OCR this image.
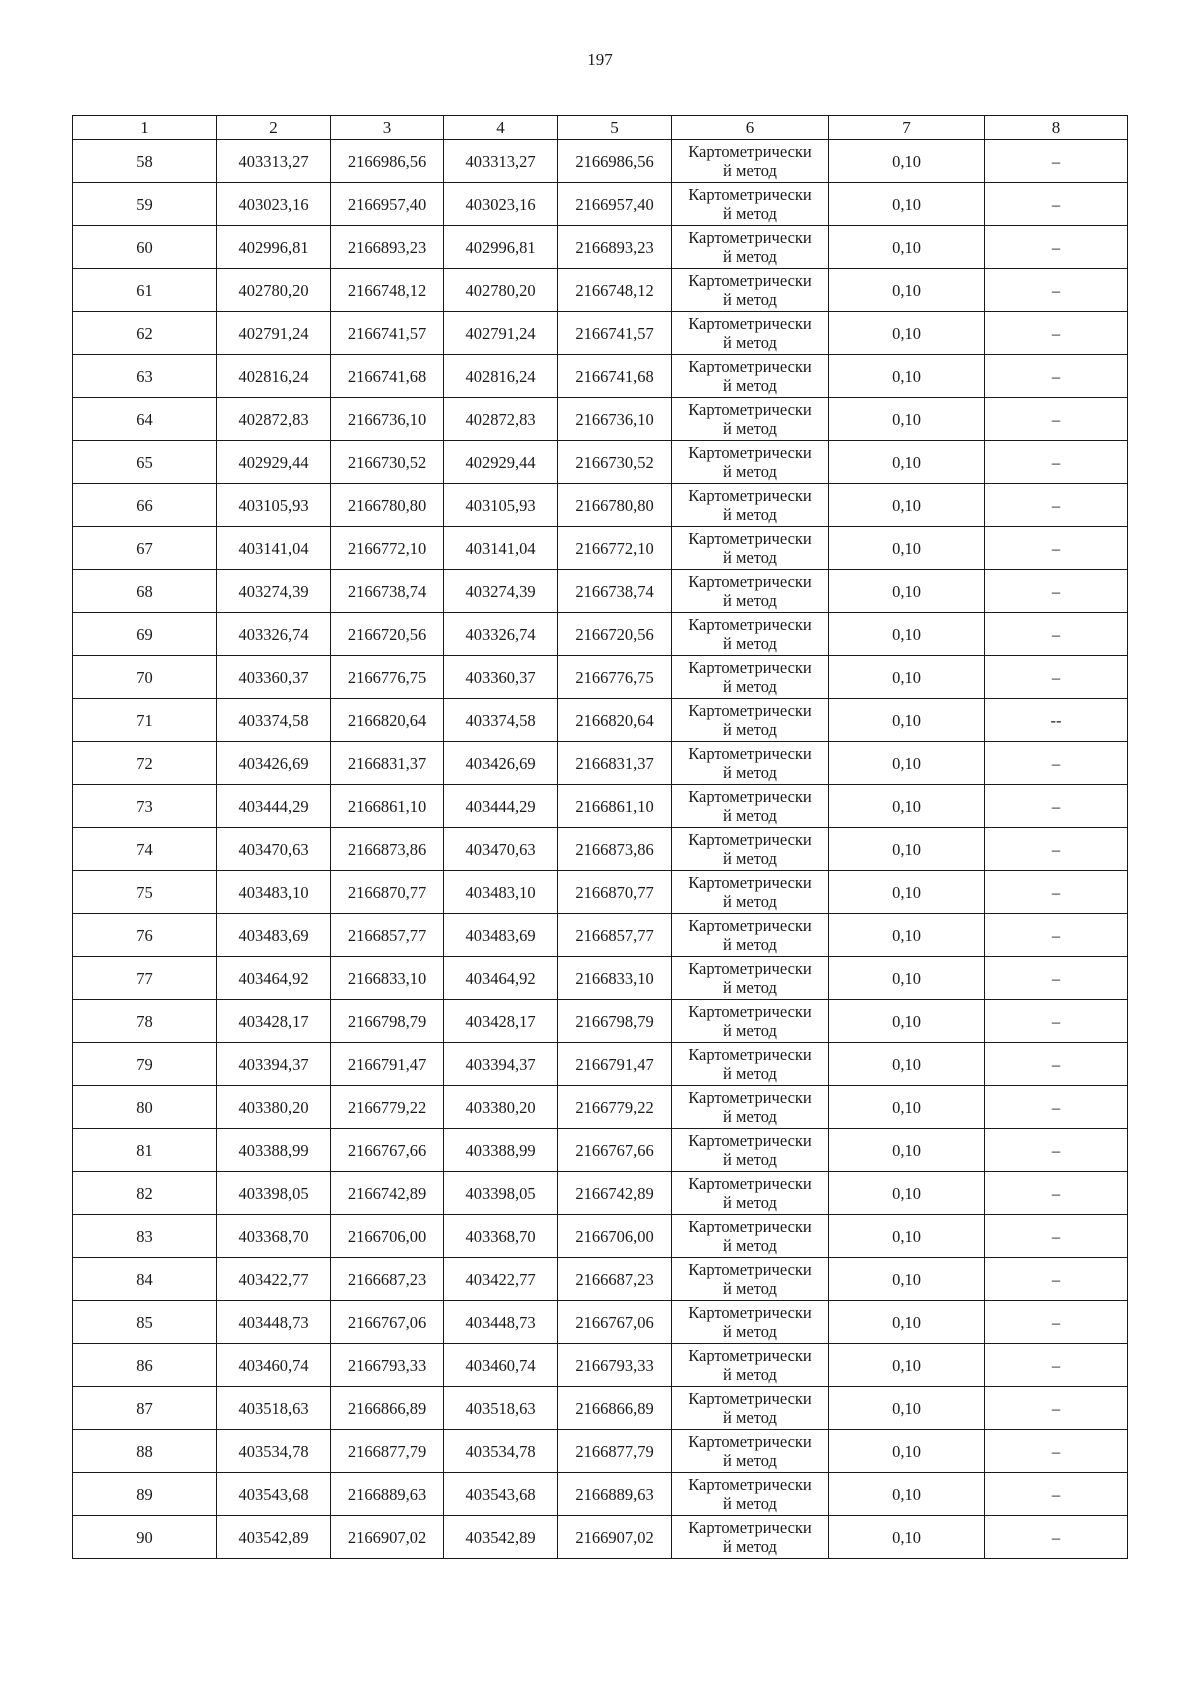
197
1	2	3	4	5	6	7	8
58	403313,27	2166986,56	403313,27	2166986,56	Картометрический метод	0,10	–
59	403023,16	2166957,40	403023,16	2166957,40	Картометрический метод	0,10	–
60	402996,81	2166893,23	402996,81	2166893,23	Картометрический метод	0,10	–
61	402780,20	2166748,12	402780,20	2166748,12	Картометрический метод	0,10	–
62	402791,24	2166741,57	402791,24	2166741,57	Картометрический метод	0,10	–
63	402816,24	2166741,68	402816,24	2166741,68	Картометрический метод	0,10	–
64	402872,83	2166736,10	402872,83	2166736,10	Картометрический метод	0,10	–
65	402929,44	2166730,52	402929,44	2166730,52	Картометрический метод	0,10	–
66	403105,93	2166780,80	403105,93	2166780,80	Картометрический метод	0,10	–
67	403141,04	2166772,10	403141,04	2166772,10	Картометрический метод	0,10	–
68	403274,39	2166738,74	403274,39	2166738,74	Картометрический метод	0,10	–
69	403326,74	2166720,56	403326,74	2166720,56	Картометрический метод	0,10	–
70	403360,37	2166776,75	403360,37	2166776,75	Картометрический метод	0,10	–
71	403374,58	2166820,64	403374,58	2166820,64	Картометрический метод	0,10	--
72	403426,69	2166831,37	403426,69	2166831,37	Картометрический метод	0,10	–
73	403444,29	2166861,10	403444,29	2166861,10	Картометрический метод	0,10	–
74	403470,63	2166873,86	403470,63	2166873,86	Картометрический метод	0,10	–
75	403483,10	2166870,77	403483,10	2166870,77	Картометрический метод	0,10	–
76	403483,69	2166857,77	403483,69	2166857,77	Картометрический метод	0,10	–
77	403464,92	2166833,10	403464,92	2166833,10	Картометрический метод	0,10	–
78	403428,17	2166798,79	403428,17	2166798,79	Картометрический метод	0,10	–
79	403394,37	2166791,47	403394,37	2166791,47	Картометрический метод	0,10	–
80	403380,20	2166779,22	403380,20	2166779,22	Картометрический метод	0,10	–
81	403388,99	2166767,66	403388,99	2166767,66	Картометрический метод	0,10	–
82	403398,05	2166742,89	403398,05	2166742,89	Картометрический метод	0,10	–
83	403368,70	2166706,00	403368,70	2166706,00	Картометрический метод	0,10	–
84	403422,77	2166687,23	403422,77	2166687,23	Картометрический метод	0,10	–
85	403448,73	2166767,06	403448,73	2166767,06	Картометрический метод	0,10	–
86	403460,74	2166793,33	403460,74	2166793,33	Картометрический метод	0,10	–
87	403518,63	2166866,89	403518,63	2166866,89	Картометрический метод	0,10	–
88	403534,78	2166877,79	403534,78	2166877,79	Картометрический метод	0,10	–
89	403543,68	2166889,63	403543,68	2166889,63	Картометрический метод	0,10	–
90	403542,89	2166907,02	403542,89	2166907,02	Картометрический метод	0,10	–
